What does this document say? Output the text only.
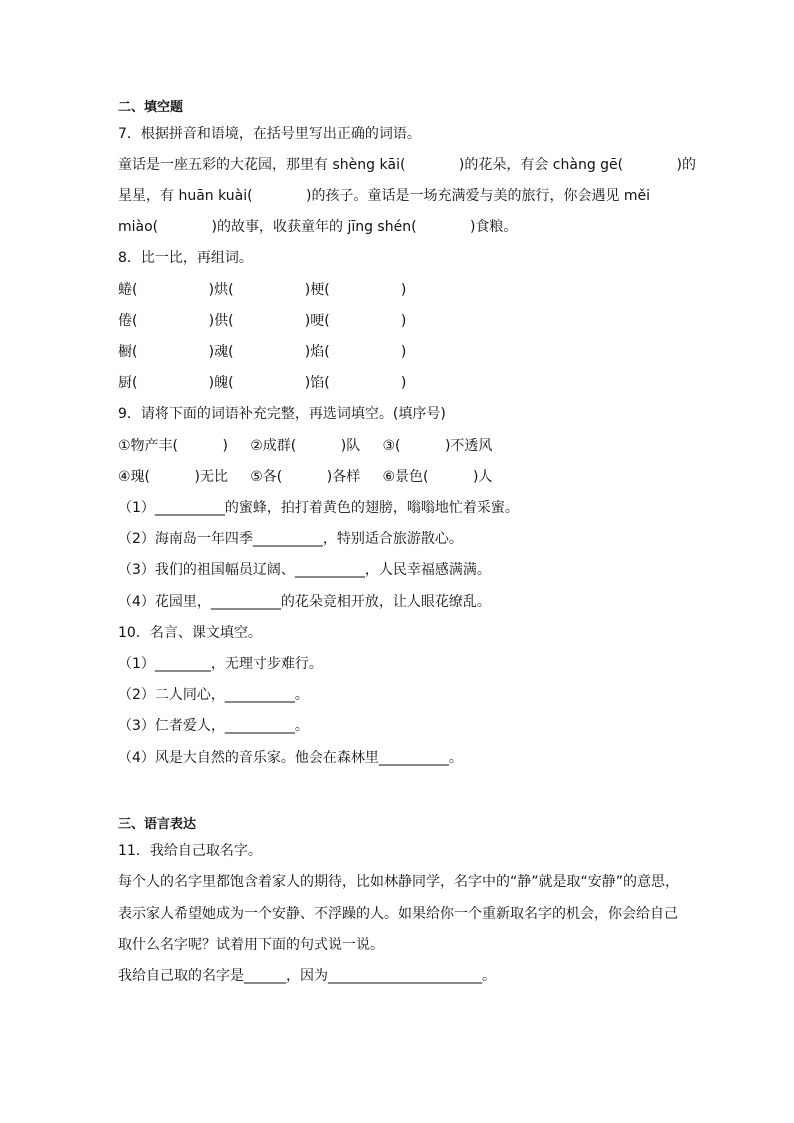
二、填空题
7．根据拼音和语境，在括号里写出正确的词语。
童话是一座五彩的大花园，那里有 shèng kāi(            )的花朵，有会 chàng gē(            )的
星星，有 huān kuài(            )的孩子。童话是一场充满爱与美的旅行，你会遇见 měi
miào(            )的故事，收获童年的 jīng shén(            )食粮。
8．比一比，再组词。
蜷(                )烘(                )梗(                )
倦(                )供(                )哽(                )
橱(                )魂(                )焰(                )
厨(                )魄(                )馅(                )
9．请将下面的词语补充完整，再选词填空。(填序号)
①物产丰(          )     ②成群(          )队     ③(          )不透风
④瑰(          )无比     ⑤各(          )各样     ⑥景色(          )人
（1）__________的蜜蜂，拍打着黄色的翅膀，嗡嗡地忙着采蜜。
（2）海南岛一年四季__________，特别适合旅游散心。
（3）我们的祖国幅员辽阔、__________，人民幸福感满满。
（4）花园里，__________的花朵竞相开放，让人眼花缭乱。
10．名言、课文填空。
（1）________，无理寸步难行。
（2）二人同心，__________。
（3）仁者爱人，__________。
（4）风是大自然的音乐家。他会在森林里__________。
三、语言表达
11．我给自己取名字。
每个人的名字里都饱含着家人的期待，比如林静同学，名字中的“静”就是取“安静”的意思，
表示家人希望她成为一个安静、不浮躁的人。如果给你一个重新取名字的机会，你会给自己
取什么名字呢？试着用下面的句式说一说。
我给自己取的名字是______，因为______________________。
